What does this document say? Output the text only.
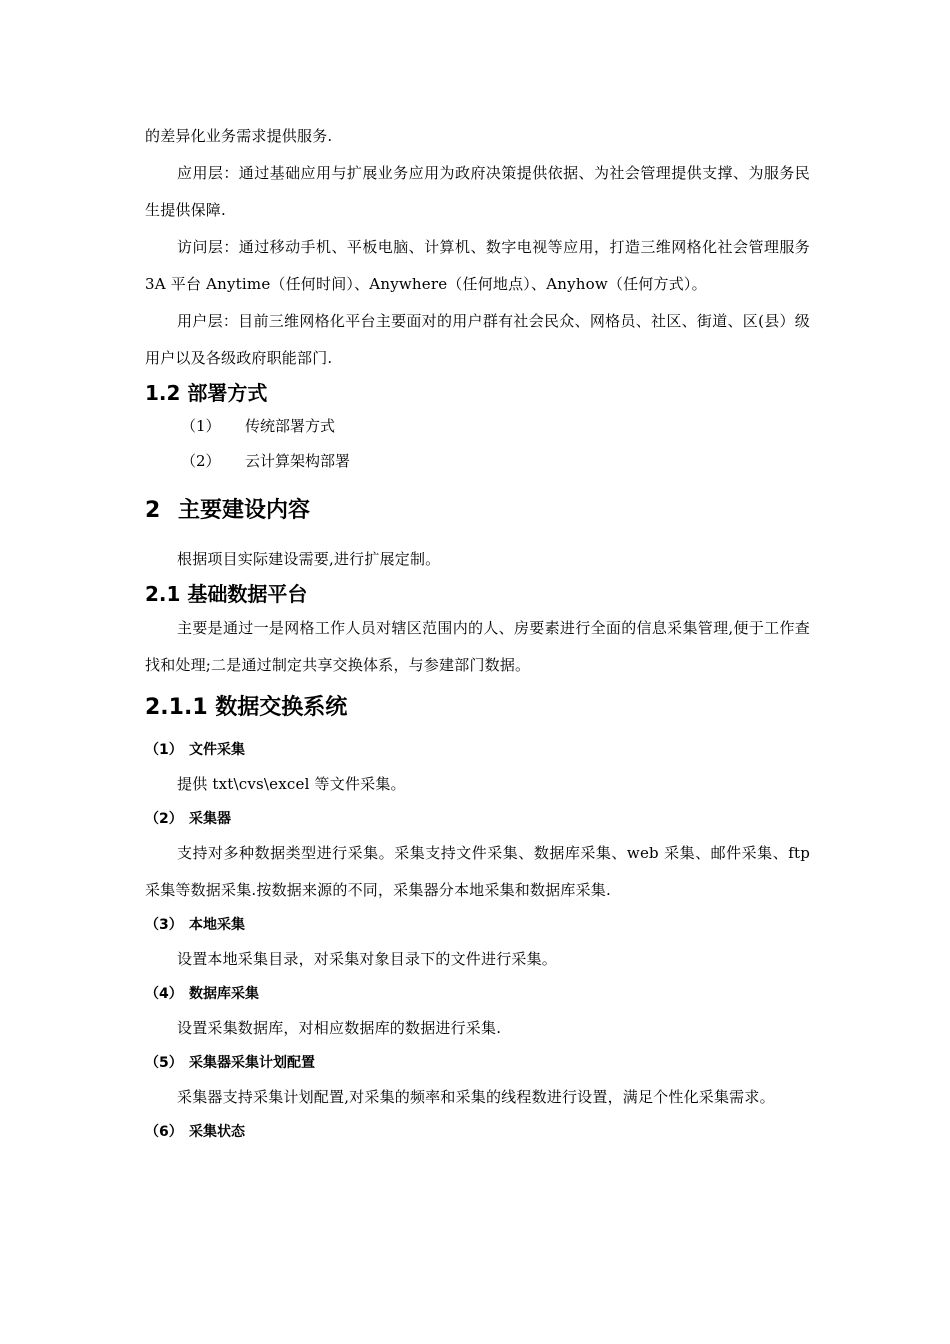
的差异化业务需求提供服务.

应用层：通过基础应用与扩展业务应用为政府决策提供依据、为社会管理提供支撑、为服务民生提供保障.

访问层：通过移动手机、平板电脑、计算机、数字电视等应用，打造三维网格化社会管理服务 3A 平台 Anytime（任何时间）、Anywhere（任何地点）、Anyhow（任何方式）。

用户层：目前三维网格化平台主要面对的用户群有社会民众、网格员、社区、街道、区(县）级用户以及各级政府职能部门.

1.2 部署方式
（1） 传统部署方式
（2） 云计算架构部署
2 主要建设内容

根据项目实际建设需要,进行扩展定制。

2.1 基础数据平台

主要是通过一是网格工作人员对辖区范围内的人、房要素进行全面的信息采集管理,便于工作查找和处理;二是通过制定共享交换体系，与参建部门数据。

2.1.1 数据交换系统
（1） 文件采集

提供 txt\cvs\excel 等文件采集。

（2） 采集器

支持对多种数据类型进行采集。采集支持文件采集、数据库采集、web 采集、邮件采集、ftp 采集等数据采集.按数据来源的不同，采集器分本地采集和数据库采集.

（3） 本地采集

设置本地采集目录，对采集对象目录下的文件进行采集。

（4） 数据库采集

设置采集数据库，对相应数据库的数据进行采集.

（5） 采集器采集计划配置

采集器支持采集计划配置,对采集的频率和采集的线程数进行设置，满足个性化采集需求。

（6） 采集状态
